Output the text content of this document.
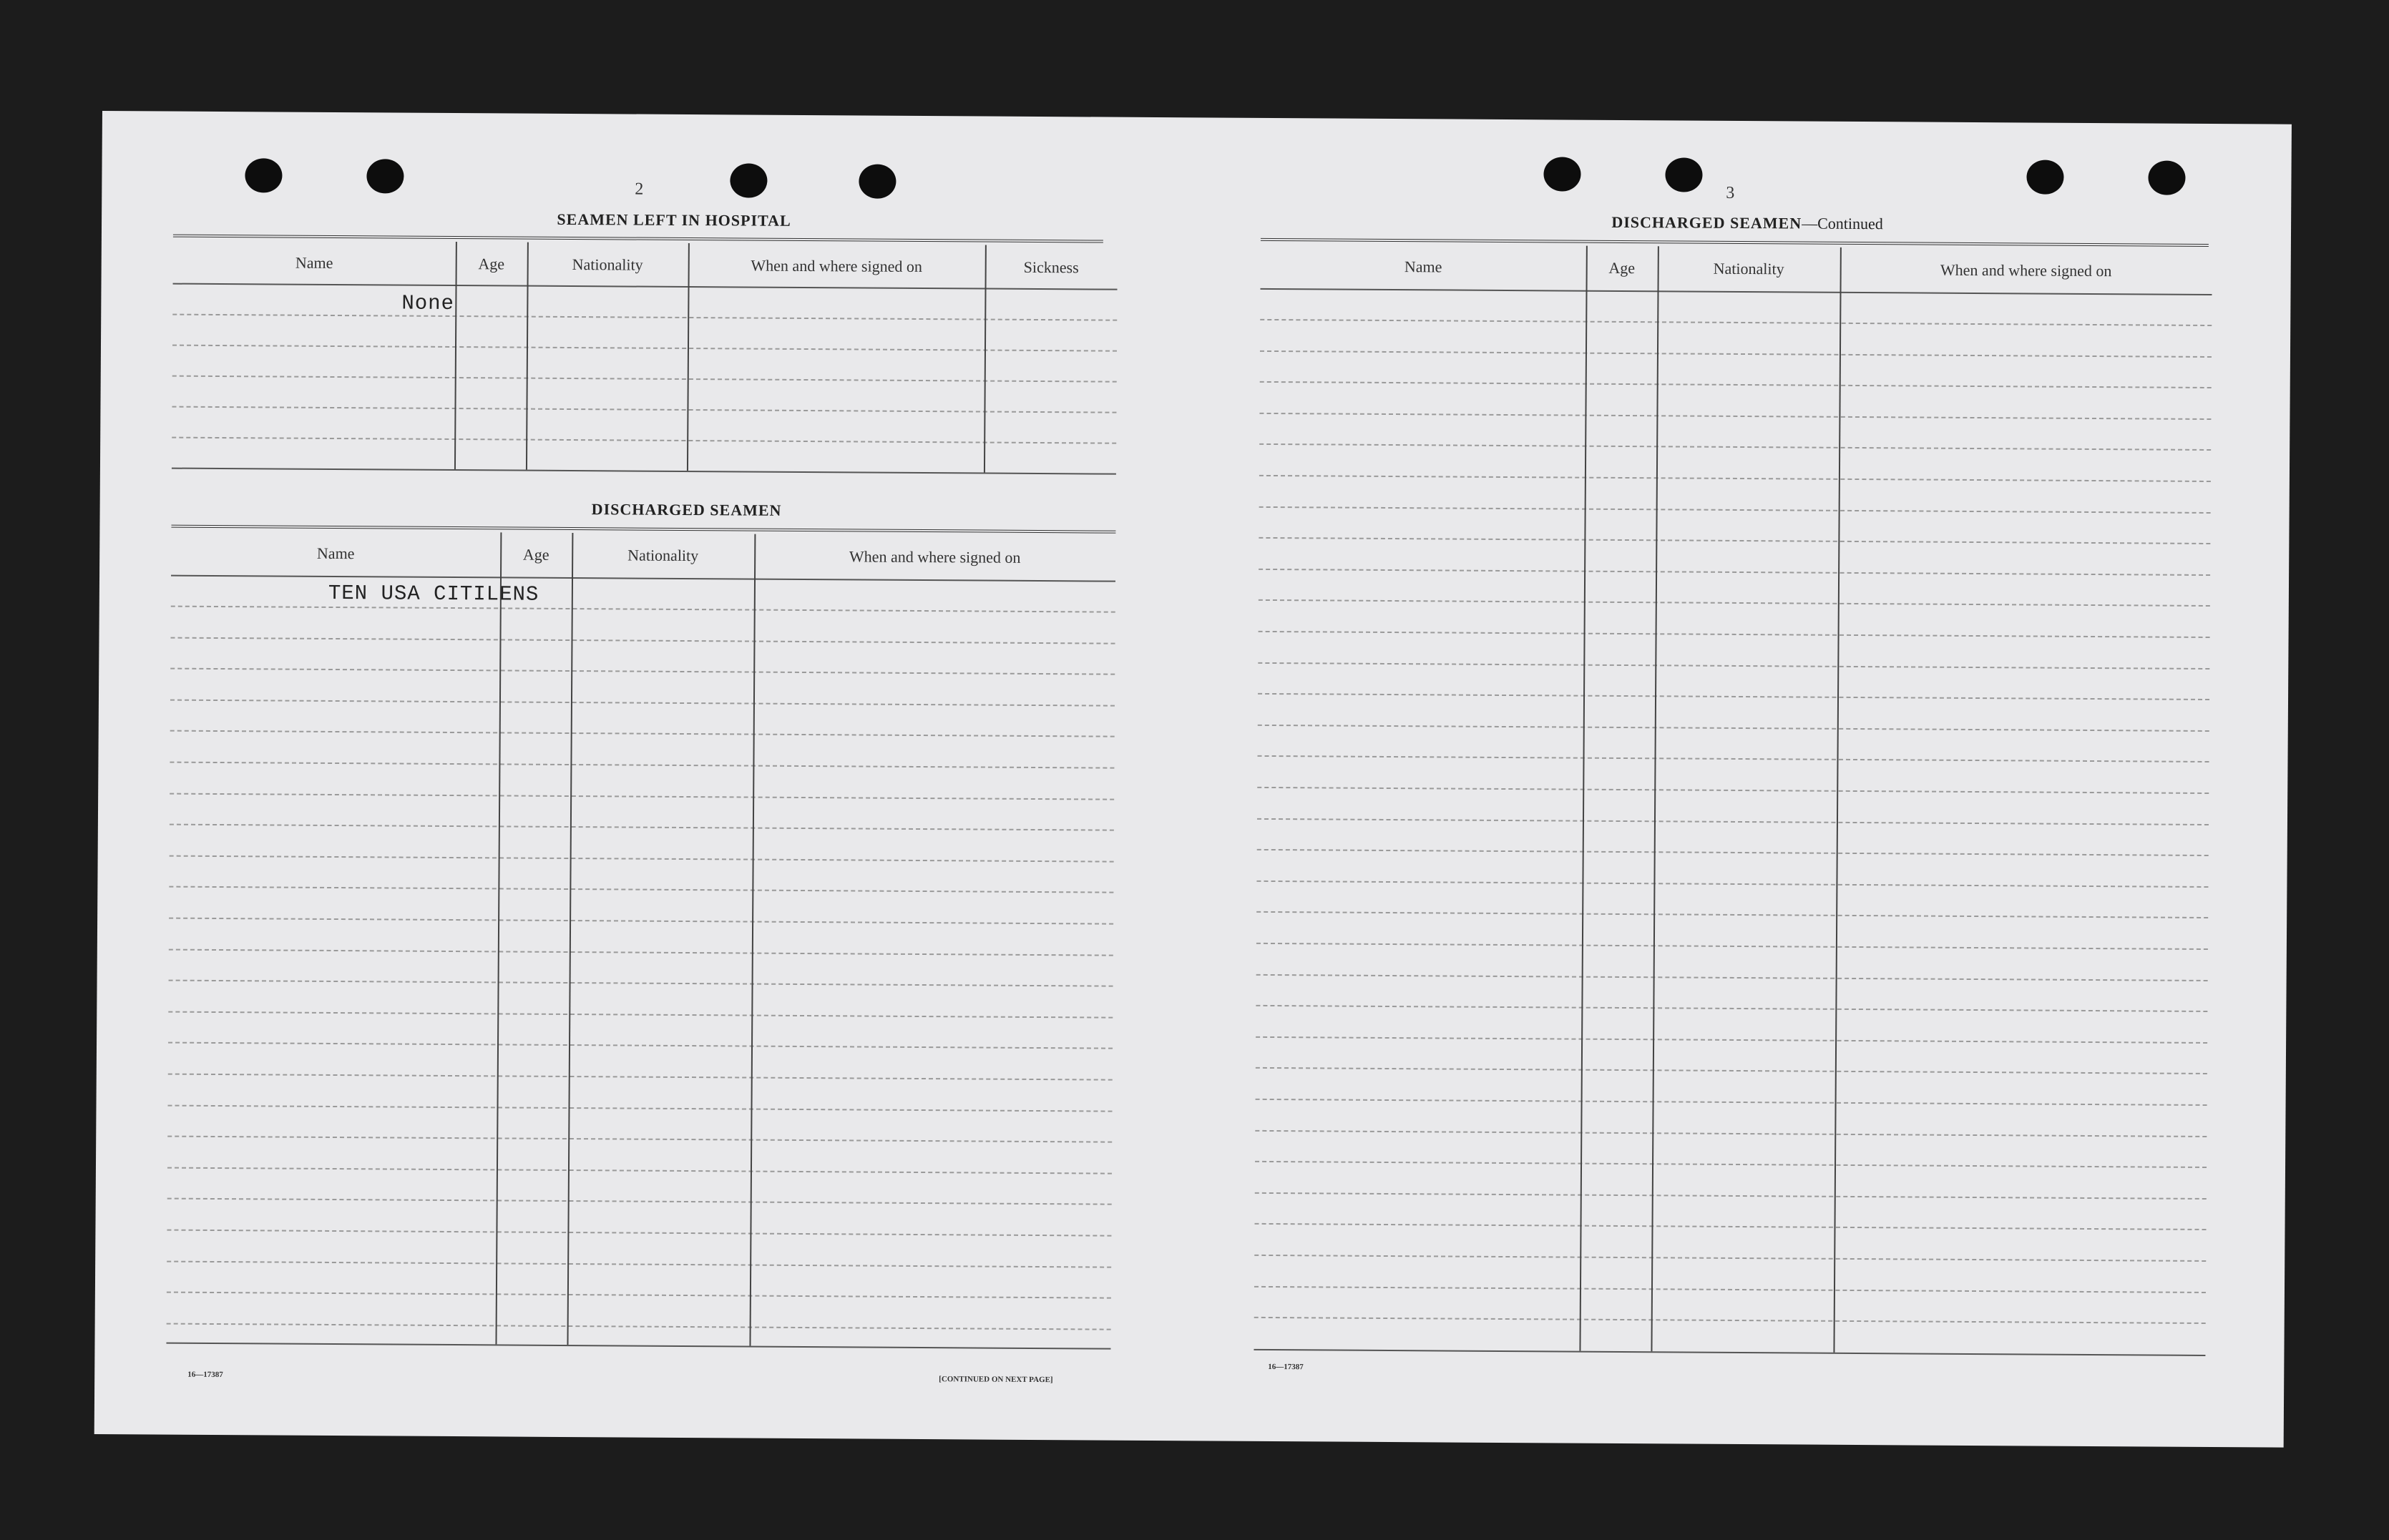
2
SEAMEN LEFT IN HOSPITAL
Name	Age	Nationality	When and where signed on	Sickness
None
DISCHARGED SEAMEN
Name	Age	Nationality	When and where signed on
TEN USA CITILENS
16—17387
[CONTINUED ON NEXT PAGE]
3
DISCHARGED SEAMEN—Continued
Name	Age	Nationality	When and where signed on
16—17387
